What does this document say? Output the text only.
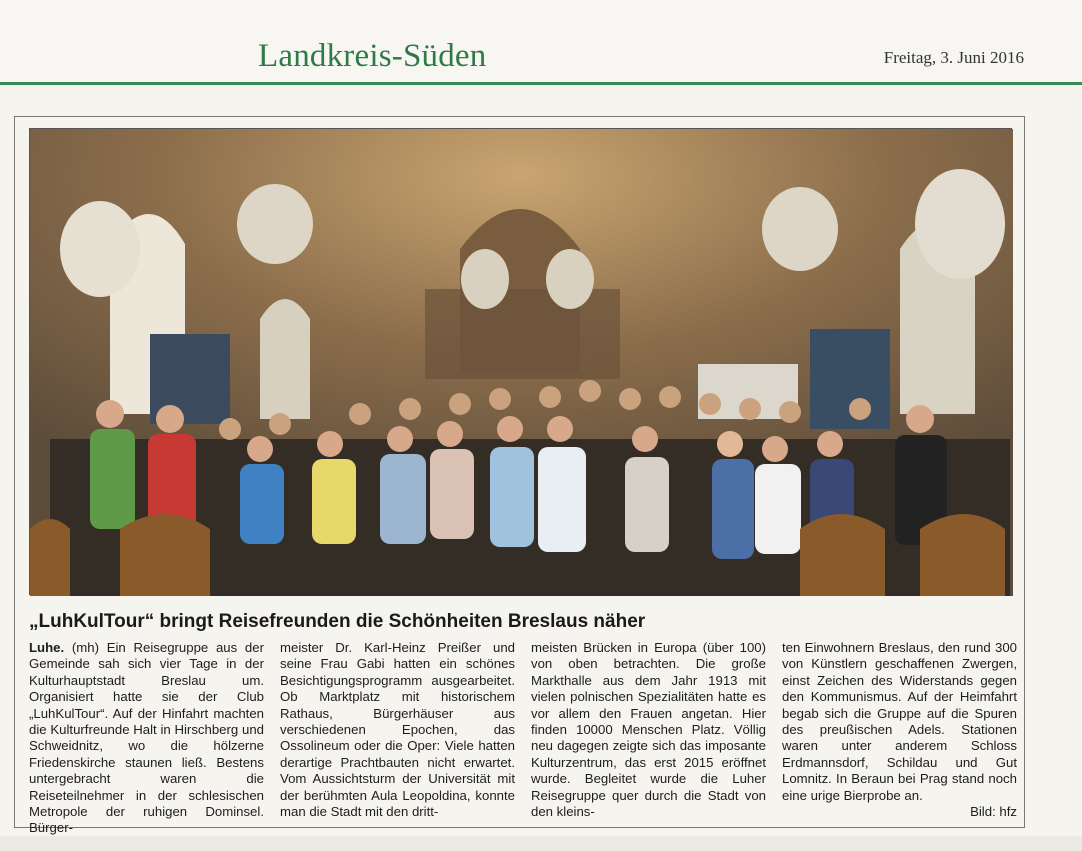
Landkreis-Süden	Freitag, 3. Juni 2016
„LuhKulTour“ bringt Reisefreunden die Schönheiten Breslaus näher
Luhe. (mh) Ein Reisegruppe aus der Gemeinde sah sich vier Tage in der Kulturhauptstadt Breslau um. Organisiert hatte sie der Club „LuhKulTour“. Auf der Hinfahrt machten die Kulturfreunde Halt in Hirschberg und Schweidnitz, wo die hölzerne Friedenskirche staunen ließ. Bestens untergebracht waren die Reiseteilnehmer in der schlesischen Metropole der ruhigen Dominsel. Bürger-
meister Dr. Karl-Heinz Preißer und seine Frau Gabi hatten ein schönes Besichtigungsprogramm ausgearbeitet. Ob Marktplatz mit historischem Rathaus, Bürgerhäuser aus verschiedenen Epochen, das Ossolineum oder die Oper: Viele hatten derartige Prachtbauten nicht erwartet. Vom Aussichtsturm der Universität mit der berühmten Aula Leopoldina, konnte man die Stadt mit den dritt-
meisten Brücken in Europa (über 100) von oben betrachten. Die große Markthalle aus dem Jahr 1913 mit vielen polnischen Spezialitäten hatte es vor allem den Frauen angetan. Hier finden 10000 Menschen Platz. Völlig neu dagegen zeigte sich das imposante Kulturzentrum, das erst 2015 eröffnet wurde. Begleitet wurde die Luher Reisegruppe quer durch die Stadt von den kleins-
ten Einwohnern Breslaus, den rund 300 von Künstlern geschaffenen Zwergen, einst Zeichen des Widerstands gegen den Kommunismus. Auf der Heimfahrt begab sich die Gruppe auf die Spuren des preußischen Adels. Stationen waren unter anderem Schloss Erdmannsdorf, Schildau und Gut Lomnitz. In Beraun bei Prag stand noch eine urige Bierprobe an.
Bild: hfz
